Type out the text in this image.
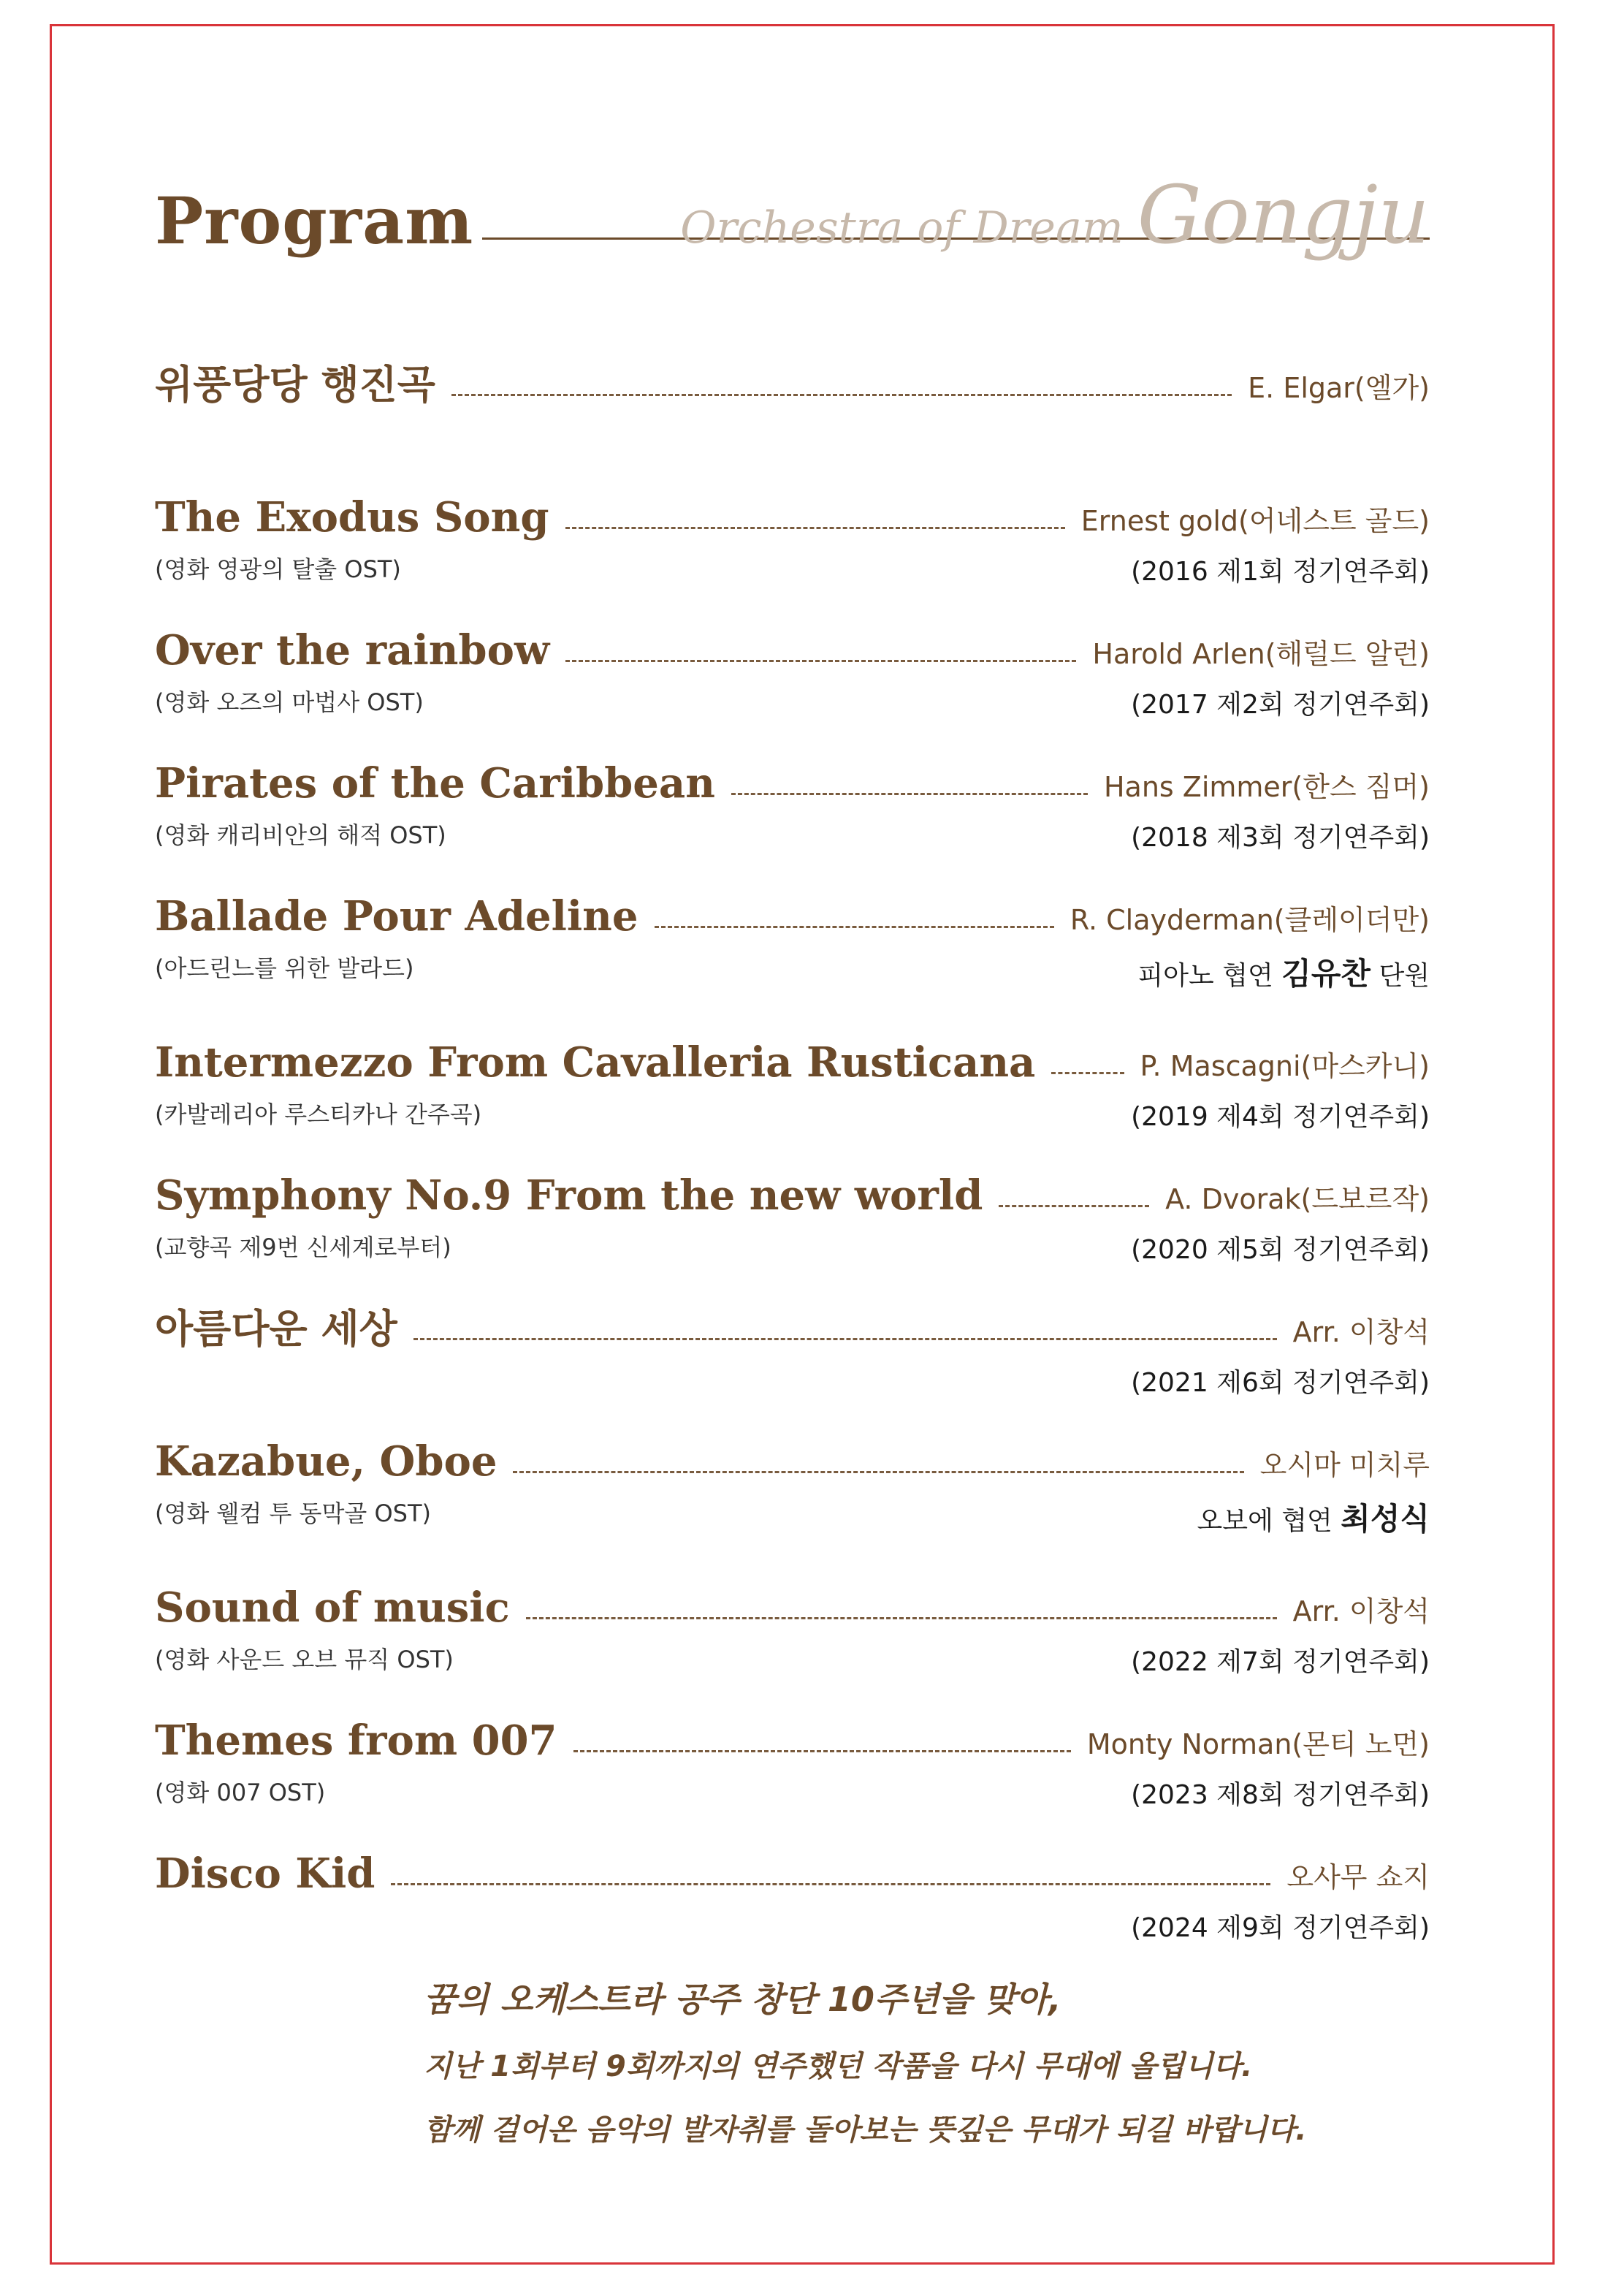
Program	Orchestra of Dream Gongju
위풍당당 행진곡	E. Elgar(엘가)
The Exodus Song	Ernest gold(어네스트 골드)
(영화 영광의 탈출 OST)	(2016 제1회 정기연주회)
Over the rainbow	Harold Arlen(해럴드 알런)
(영화 오즈의 마법사 OST)	(2017 제2회 정기연주회)
Pirates of the Caribbean	Hans Zimmer(한스 짐머)
(영화 캐리비안의 해적 OST)	(2018 제3회 정기연주회)
Ballade Pour Adeline	R. Clayderman(클레이더만)
(아드린느를 위한 발라드)	피아노 협연 김유찬 단원
Intermezzo From Cavalleria Rusticana	P. Mascagni(마스카니)
(카발레리아 루스티카나 간주곡)	(2019 제4회 정기연주회)
Symphony No.9 From the new world	A. Dvorak(드보르작)
(교향곡 제9번 신세계로부터)	(2020 제5회 정기연주회)
아름다운 세상	Arr. 이창석
(2021 제6회 정기연주회)
Kazabue, Oboe	오시마 미치루
(영화 웰컴 투 동막골 OST)	오보에 협연 최성식
Sound of music	Arr. 이창석
(영화 사운드 오브 뮤직 OST)	(2022 제7회 정기연주회)
Themes from 007	Monty Norman(몬티 노먼)
(영화 007 OST)	(2023 제8회 정기연주회)
Disco Kid	오사무 쇼지
(2024 제9회 정기연주회)
꿈의 오케스트라 공주 창단 10주년을 맞아,
지난 1회부터 9회까지의 연주했던 작품을 다시 무대에 올립니다.
함께 걸어온 음악의 발자취를 돌아보는 뜻깊은 무대가 되길 바랍니다.
